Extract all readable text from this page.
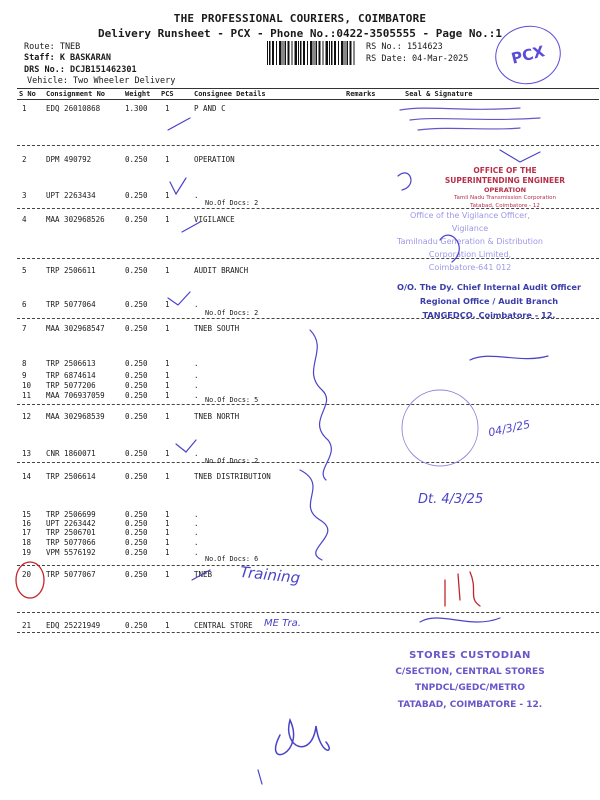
THE PROFESSIONAL COURIERS, COIMBATORE
Delivery Runsheet - PCX - Phone No.:0422-3505555 - Page No.:1
Route: TNEB
Staff: K BASKARAN
DRS No.: DCJB151462301
Vehicle: Two Wheeler Delivery
RS No.: 1514623
RS Date: 04-Mar-2025	PCX
S No Consignment No	Weight PCS	Consignee Details	Remarks	Seal & Signature
1	EDQ 26010868	1.300 1	P AND C
2	DPM 490792	0.250 1	OPERATION
3	UPT 2263434	0.250 1	.
4	MAA 302968526	0.250 1	VIGILANCE
5	TRP 2506611	0.250 1	AUDIT BRANCH
6	TRP 5077064	0.250 1	.
7	MAA 302968547	0.250 1	TNEB SOUTH
8	TRP 2506613	0.250 1	.
9	TRP 6874614	0.250 1	.
10 TRP 5077206	0.250 1	.
11 MAA 706937059	0.250 1	.
12 MAA 302968539	0.250 1	TNEB NORTH
13 CNR 1860071	0.250 1	.
14 TRP 2506614	0.250 1	TNEB DISTRIBUTION
15 TRP 2506699	0.250 1	.
16 UPT 2263442	0.250 1	.
17 TRP 2506701	0.250 1	.
18 TRP 5077066	0.250 1	.
19 VPM 5576192	0.250 1	.
20 TRP 5077067	0.250 1	TNEB
21 EDQ 25221949	0.250 1	CENTRAL STORE
No.Of Docs: 2
No.Of Docs: 2
No.Of Docs: 5
No.Of Docs: 2
No.Of Docs: 6
OFFICE OF THE
SUPERINTENDING ENGINEER
OPERATION
Tamil Nadu Transmission Corporation
Tatabad, Coimbatore - 12
Office of the Vigilance Officer,
Vigilance
Tamilnadu Generation & Distribution
Corporation Limited,
Coimbatore-641 012
O/O. The Dy. Chief Internal Audit Officer
Regional Office / Audit Branch
TANGEDCO, Coimbatore - 12.
STORES CUSTODIAN
C/SECTION, CENTRAL STORES
TNPDCL/GEDC/METRO
TATABAD, COIMBATORE - 12.
Training
ME Tra.
Dt. 4/3/25
04/3/25
